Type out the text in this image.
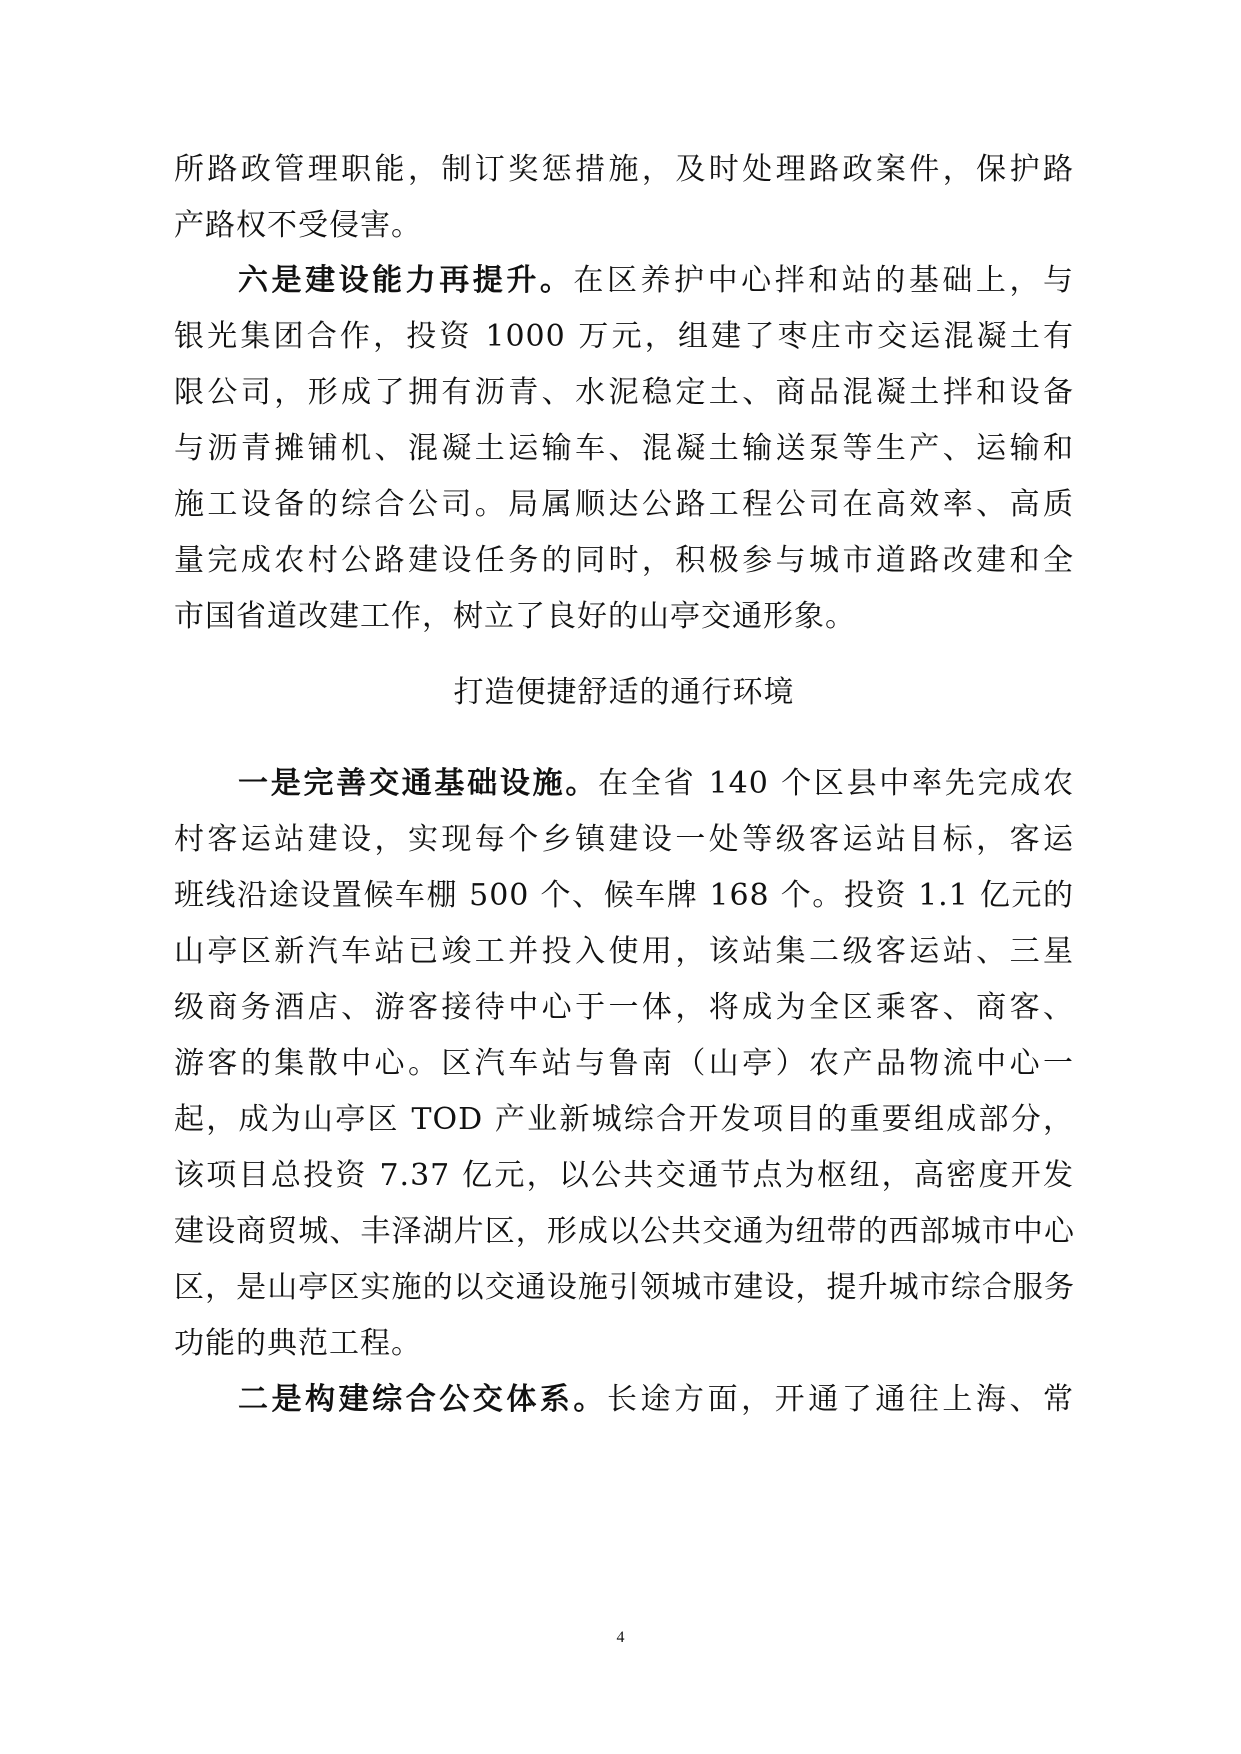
所路政管理职能，制订奖惩措施，及时处理路政案件，保护路
产路权不受侵害。
六是建设能力再提升。在区养护中心拌和站的基础上，与
银光集团合作，投资 1000 万元，组建了枣庄市交运混凝土有
限公司，形成了拥有沥青、水泥稳定土、商品混凝土拌和设备
与沥青摊铺机、混凝土运输车、混凝土输送泵等生产、运输和
施工设备的综合公司。局属顺达公路工程公司在高效率、高质
量完成农村公路建设任务的同时，积极参与城市道路改建和全
市国省道改建工作，树立了良好的山亭交通形象。
打造便捷舒适的通行环境
一是完善交通基础设施。在全省 140 个区县中率先完成农
村客运站建设，实现每个乡镇建设一处等级客运站目标，客运
班线沿途设置候车棚 500 个、候车牌 168 个。投资 1.1 亿元的
山亭区新汽车站已竣工并投入使用，该站集二级客运站、三星
级商务酒店、游客接待中心于一体，将成为全区乘客、商客、
游客的集散中心。区汽车站与鲁南（山亭）农产品物流中心一
起，成为山亭区 TOD 产业新城综合开发项目的重要组成部分，
该项目总投资 7.37 亿元，以公共交通节点为枢纽，高密度开发
建设商贸城、丰泽湖片区，形成以公共交通为纽带的西部城市中心
区，是山亭区实施的以交通设施引领城市建设，提升城市综合服务
功能的典范工程。
二是构建综合公交体系。长途方面，开通了通往上海、常
4
